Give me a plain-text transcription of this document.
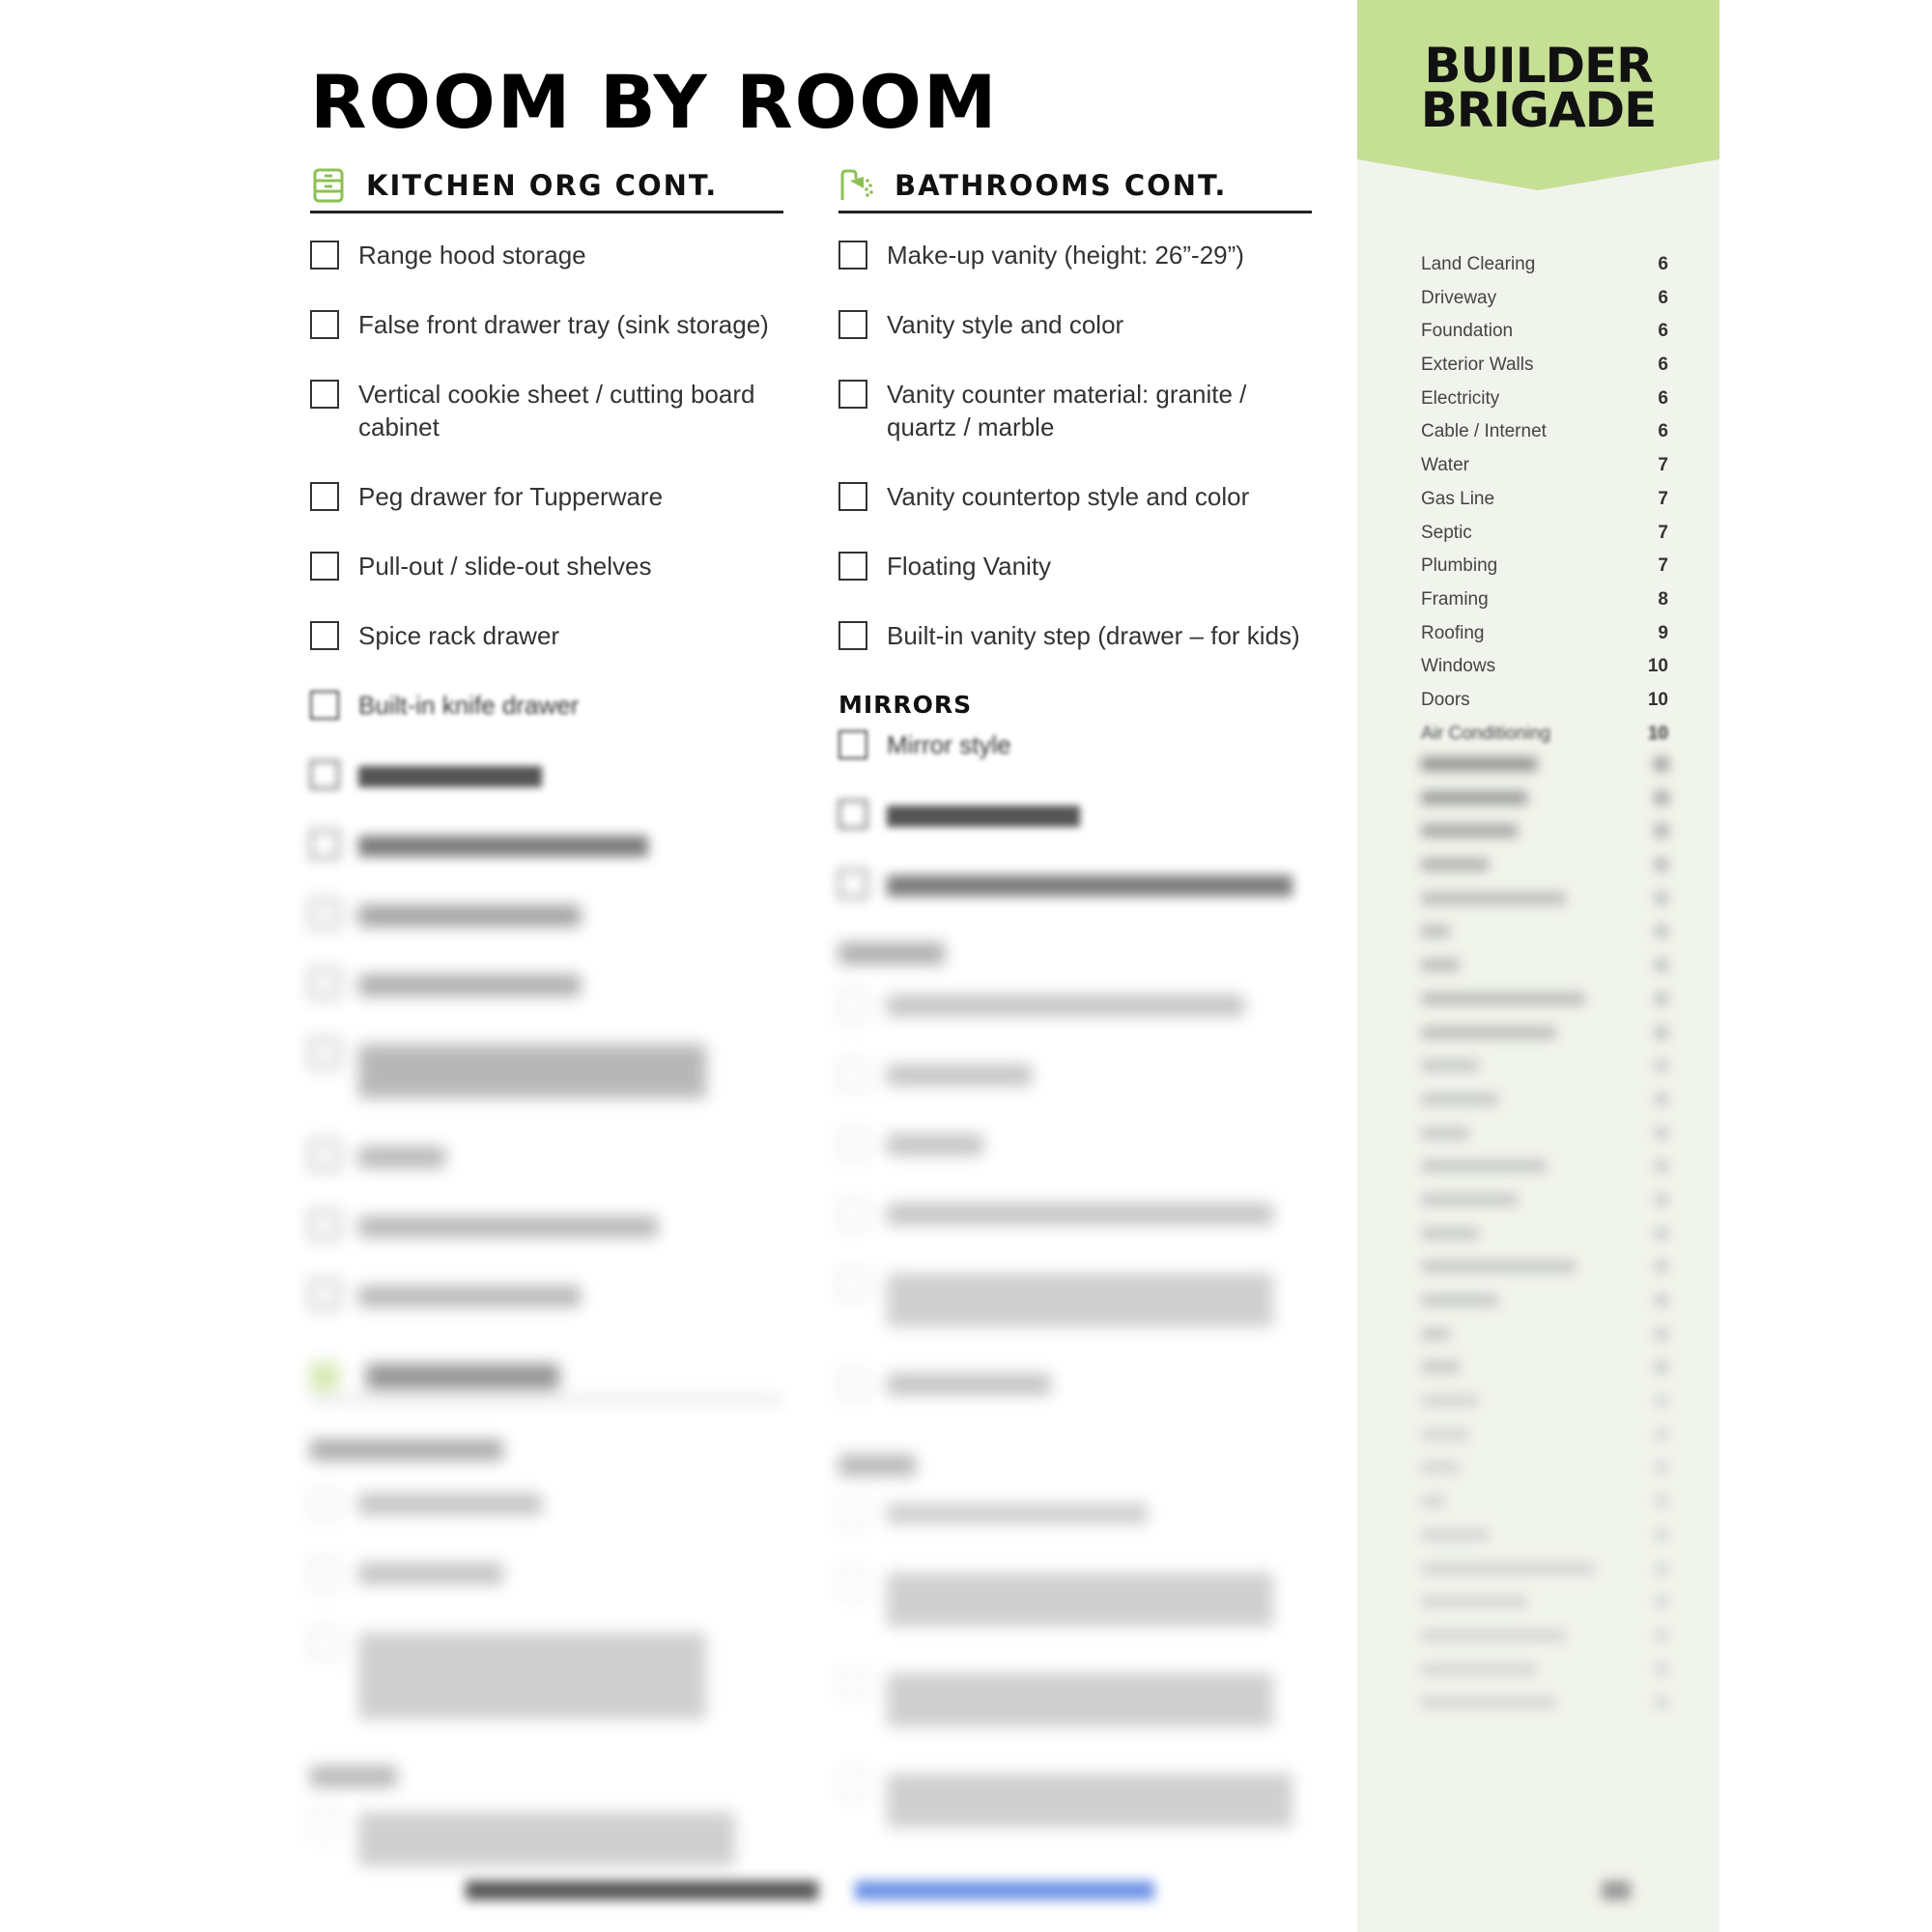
ROOM BY ROOM
KITCHEN ORG CONT.
Range hood storage
False front drawer tray (sink storage)
Vertical cookie sheet / cutting board cabinet
Peg drawer for Tupperware
Pull-out / slide-out shelves
Spice rack drawer
Built-in knife drawer
BATHROOMS CONT.
Make-up vanity (height: 26”-29”)
Vanity style and color
Vanity counter material: granite / quartz / marble
Vanity countertop style and color
Floating Vanity
Built-in vanity step (drawer – for kids)
MIRRORS
Mirror style
BUILDER
BRIGADE
Land Clearing	6
Driveway	6
Foundation	6
Exterior Walls	6
Electricity	6
Cable / Internet	6
Water	7
Gas Line	7
Septic	7
Plumbing	7
Framing	8
Roofing	9
Windows	10
Doors	10
Air Conditioning	10
